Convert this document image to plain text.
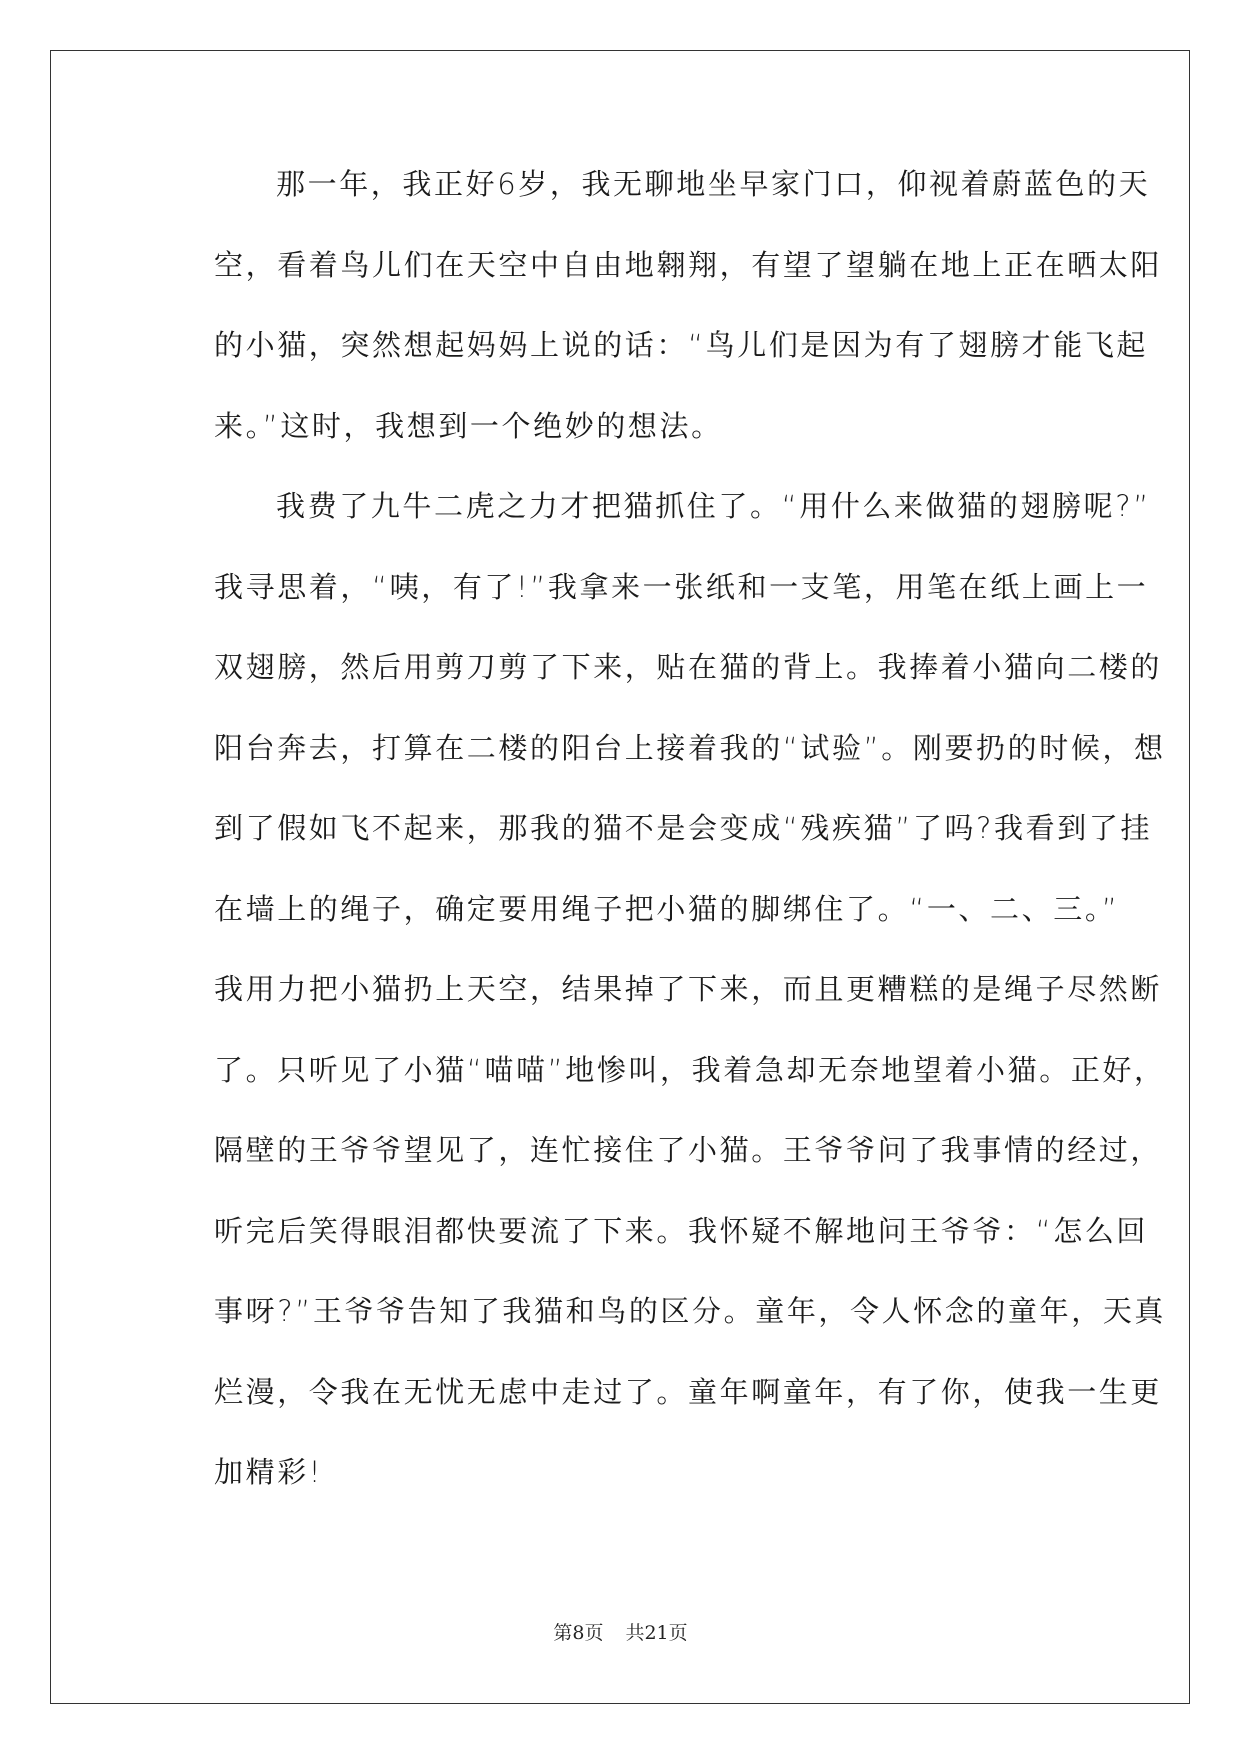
那一年，我正好6岁，我无聊地坐早家门口，仰视着蔚蓝色的天
空，看着鸟儿们在天空中自由地翱翔，有望了望躺在地上正在晒太阳
的小猫，突然想起妈妈上说的话：“鸟儿们是因为有了翅膀才能飞起
来。”这时，我想到一个绝妙的想法。
我费了九牛二虎之力才把猫抓住了。“用什么来做猫的翅膀呢?”
我寻思着，“咦，有了!”我拿来一张纸和一支笔，用笔在纸上画上一
双翅膀，然后用剪刀剪了下来，贴在猫的背上。我捧着小猫向二楼的
阳台奔去，打算在二楼的阳台上接着我的“试验”。刚要扔的时候，想
到了假如飞不起来，那我的猫不是会变成“残疾猫”了吗?我看到了挂
在墙上的绳子，确定要用绳子把小猫的脚绑住了。“一、二、三。”
我用力把小猫扔上天空，结果掉了下来，而且更糟糕的是绳子尽然断
了。只听见了小猫“喵喵”地惨叫，我着急却无奈地望着小猫。正好，
隔壁的王爷爷望见了，连忙接住了小猫。王爷爷问了我事情的经过，
听完后笑得眼泪都快要流了下来。我怀疑不解地问王爷爷：“怎么回
事呀?”王爷爷告知了我猫和鸟的区分。童年，令人怀念的童年，天真
烂漫，令我在无忧无虑中走过了。童年啊童年，有了你，使我一生更
加精彩!
第8页 共21页
